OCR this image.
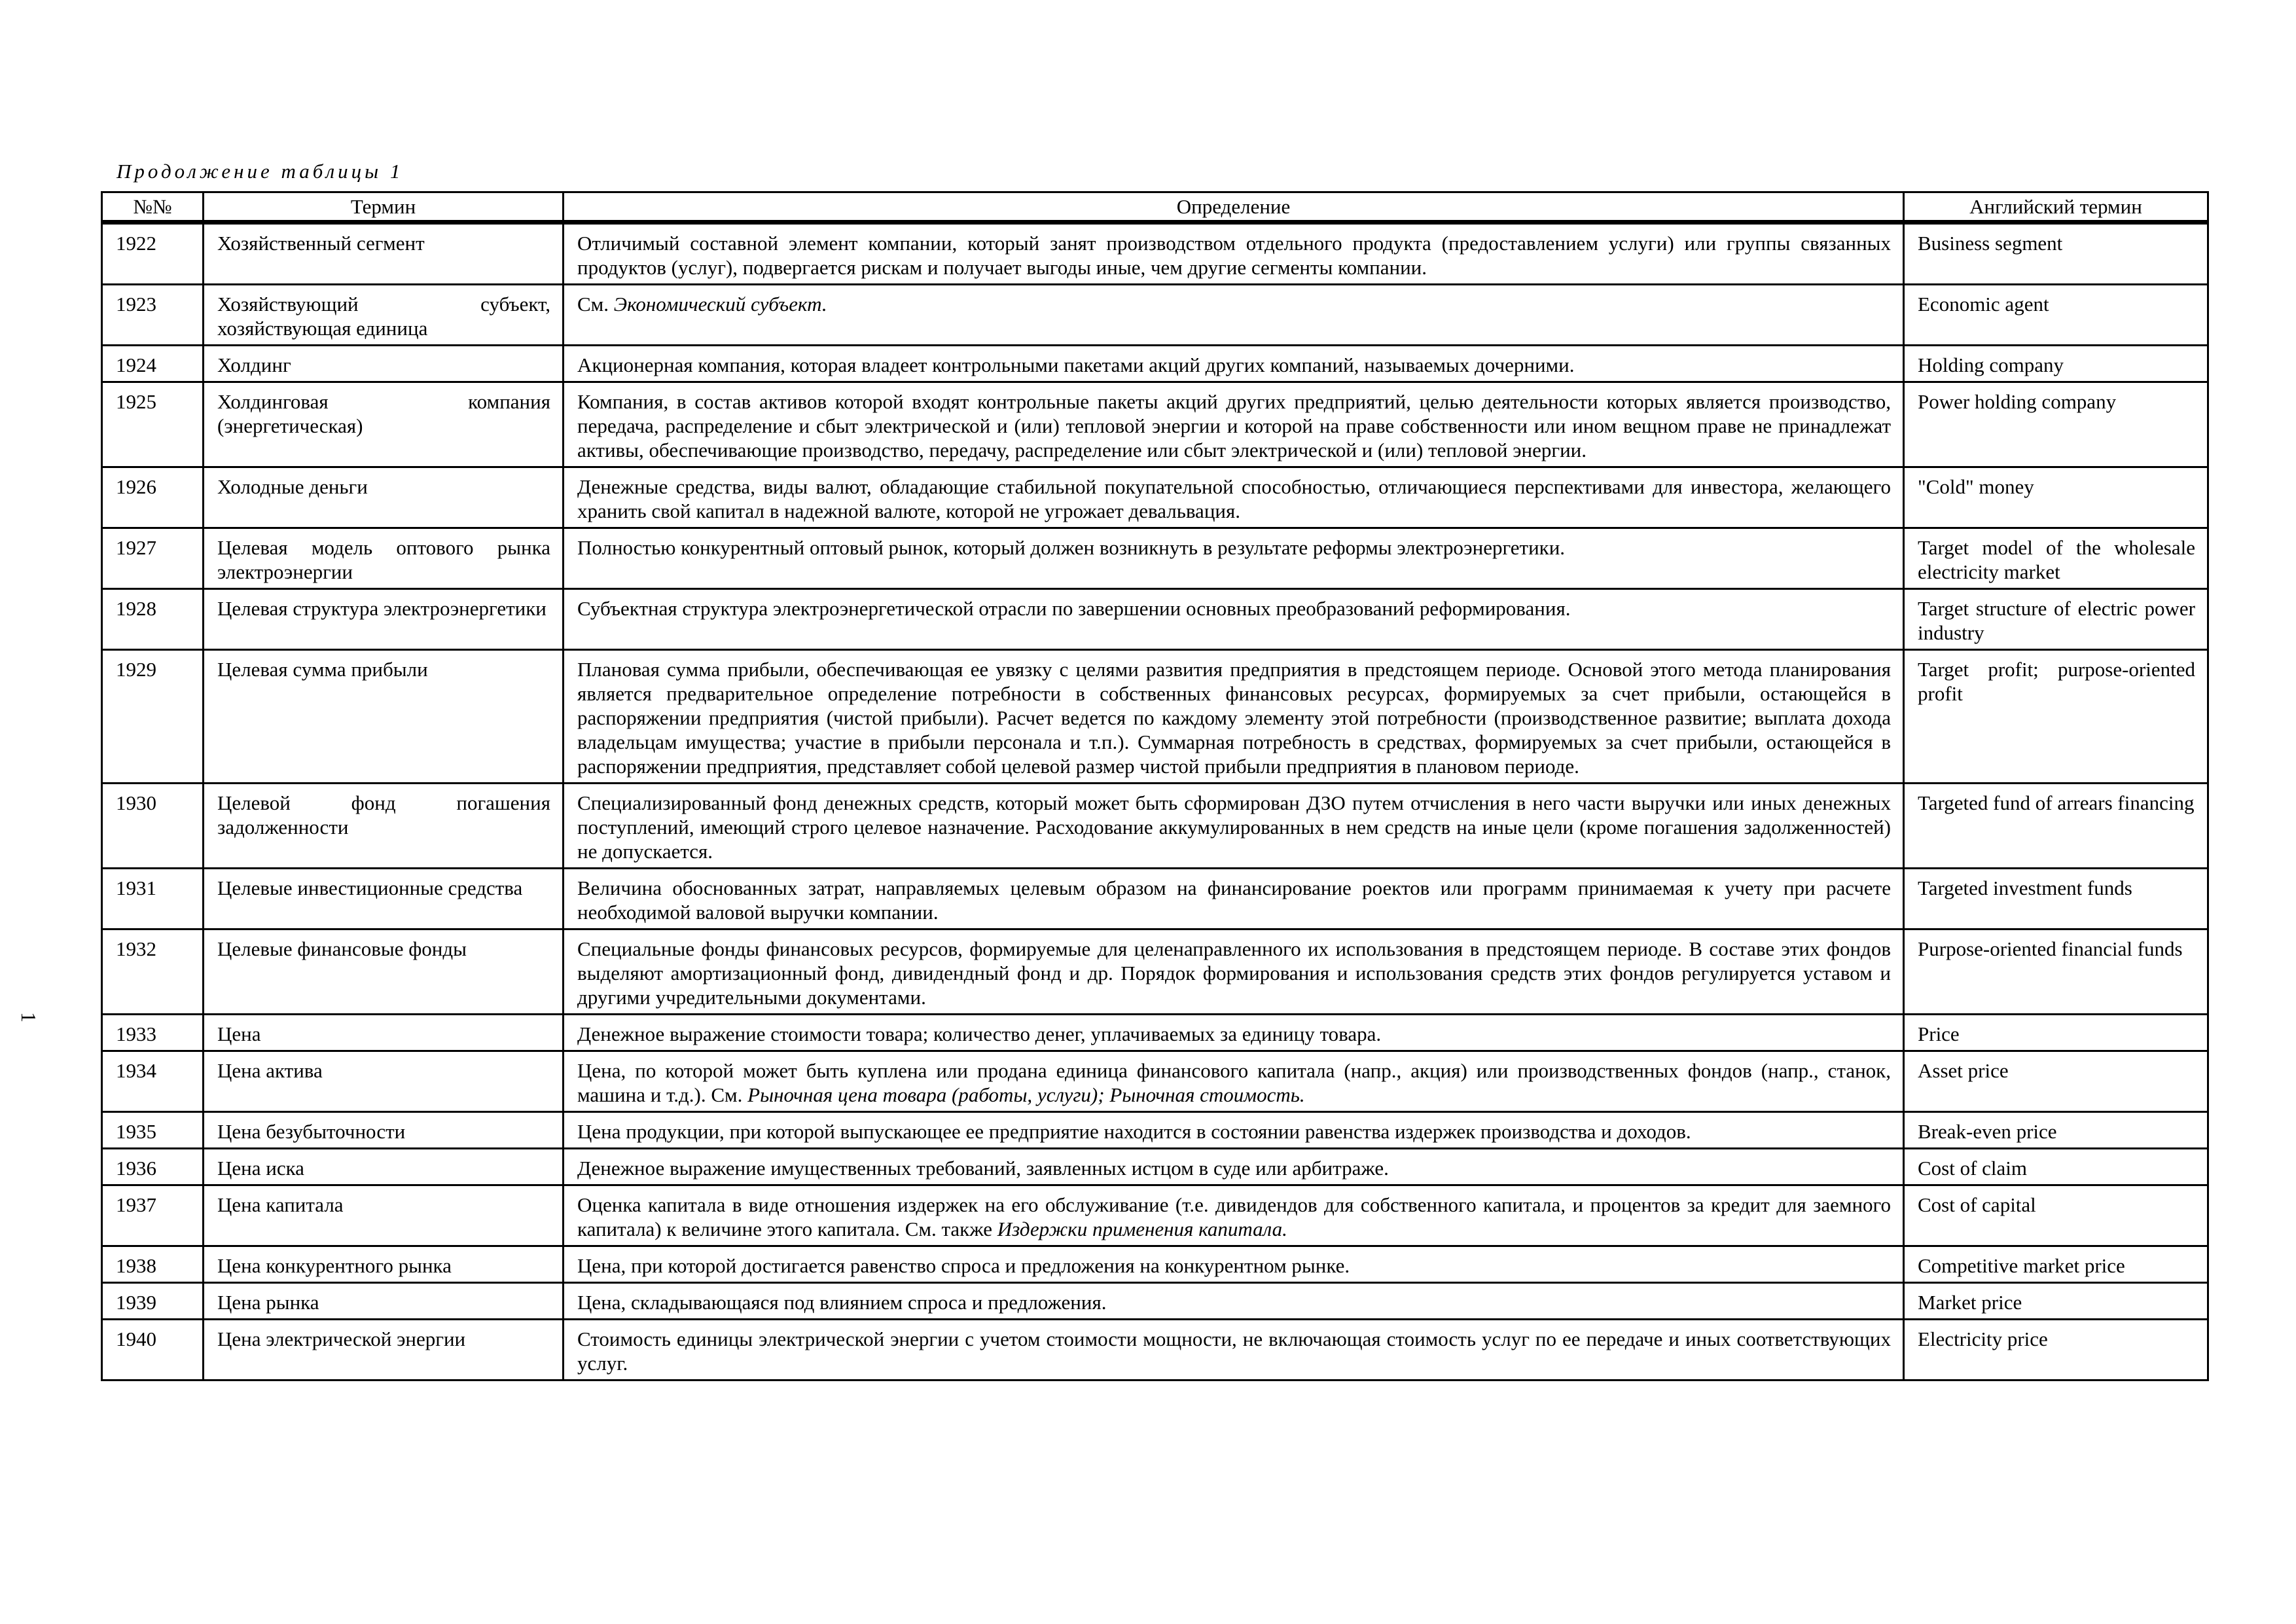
Продолжение таблицы 1
1
№№	Термин	Определение	Английский термин
1922	Хозяйственный сегмент	Отличимый составной элемент компании, который занят производством отдельного продукта (предоставлением услуги) или группы связанных продуктов (услуг), подвергается рискам и получает выгоды иные, чем другие сегменты компании.	Business segment
1923	Хозяйствующий субъект, хозяйствующая единица	См. Экономический субъект.	Economic agent
1924	Холдинг	Акционерная компания, которая владеет контрольными пакетами акций других компаний, называемых дочерними.	Holding company
1925	Холдинговая компания (энергетическая)	Компания, в состав активов которой входят контрольные пакеты акций других предприятий, целью деятельности которых является производство, передача, распределение и сбыт электрической и (или) тепловой энергии и которой на праве собственности или ином вещном праве не принадлежат активы, обеспечивающие производство, передачу, распределение или сбыт электрической и (или) тепловой энергии.	Power holding company
1926	Холодные деньги	Денежные средства, виды валют, обладающие стабильной покупательной способностью, отличающиеся перспективами для инвестора, желающего хранить свой капитал в надежной валюте, которой не угрожает девальвация.	"Cold" money
1927	Целевая модель оптового рынка электроэнергии	Полностью конкурентный оптовый рынок, который должен возникнуть в результате реформы электроэнергетики.	Target model of the wholesale electricity market
1928	Целевая структура электроэнергетики	Субъектная структура электроэнергетической отрасли по завершении основных преобразований реформирования.	Target structure of electric power industry
1929	Целевая сумма прибыли	Плановая сумма прибыли, обеспечивающая ее увязку с целями развития предприятия в предстоящем периоде. Основой этого метода планирования является предварительное определение потребности в собственных финансовых ресурсах, формируемых за счет прибыли, остающейся в распоряжении предприятия (чистой прибыли). Расчет ведется по каждому элементу этой потребности (производственное развитие; выплата дохода владельцам имущества; участие в прибыли персонала и т.п.). Суммарная потребность в средствах, формируемых за счет прибыли, остающейся в распоряжении предприятия, представляет собой целевой размер чистой прибыли предприятия в плановом периоде.	Target profit; purpose-oriented profit
1930	Целевой фонд погашения задолженности	Специализированный фонд денежных средств, который может быть сформирован ДЗО путем отчисления в него части выручки или иных денежных поступлений, имеющий строго целевое назначение. Расходование аккумулированных в нем средств на иные цели (кроме погашения задолженностей) не допускается.	Targeted fund of arrears financing
1931	Целевые инвестиционные средства	Величина обоснованных затрат, направляемых целевым образом на финансирование роектов или программ принимаемая к учету при расчете необходимой валовой выручки компании.	Targeted investment funds
1932	Целевые финансовые фонды	Специальные фонды финансовых ресурсов, формируемые для целенаправленного их использования в предстоящем периоде. В составе этих фондов выделяют амортизационный фонд, дивидендный фонд и др. Порядок формирования и использования средств этих фондов регулируется уставом и другими учредительными документами.	Purpose-oriented financial funds
1933	Цена	Денежное выражение стоимости товара; количество денег, уплачиваемых за единицу товара.	Price
1934	Цена актива	Цена, по которой может быть куплена или продана единица финансового капитала (напр., акция) или производственных фондов (напр., станок, машина и т.д.). См. Рыночная цена товара (работы, услуги); Рыночная стоимость.	Asset price
1935	Цена безубыточности	Цена продукции, при которой выпускающее ее предприятие находится в состоянии равенства издержек производства и доходов.	Break-even price
1936	Цена иска	Денежное выражение имущественных требований, заявленных истцом в суде или арбитраже.	Cost of claim
1937	Цена капитала	Оценка капитала в виде отношения издержек на его обслуживание (т.е. дивидендов для собственного капитала, и процентов за кредит для заемного капитала) к величине этого капитала. См. также Издержки применения капитала.	Cost of capital
1938	Цена конкурентного рынка	Цена, при которой достигается равенство спроса и предложения на конкурентном рынке.	Competitive market price
1939	Цена рынка	Цена, складывающаяся под влиянием спроса и предложения.	Market price
1940	Цена электрической энергии	Стоимость единицы электрической энергии с учетом стоимости мощности, не включающая стоимость услуг по ее передаче и иных соответствующих услуг.	Electricity price
